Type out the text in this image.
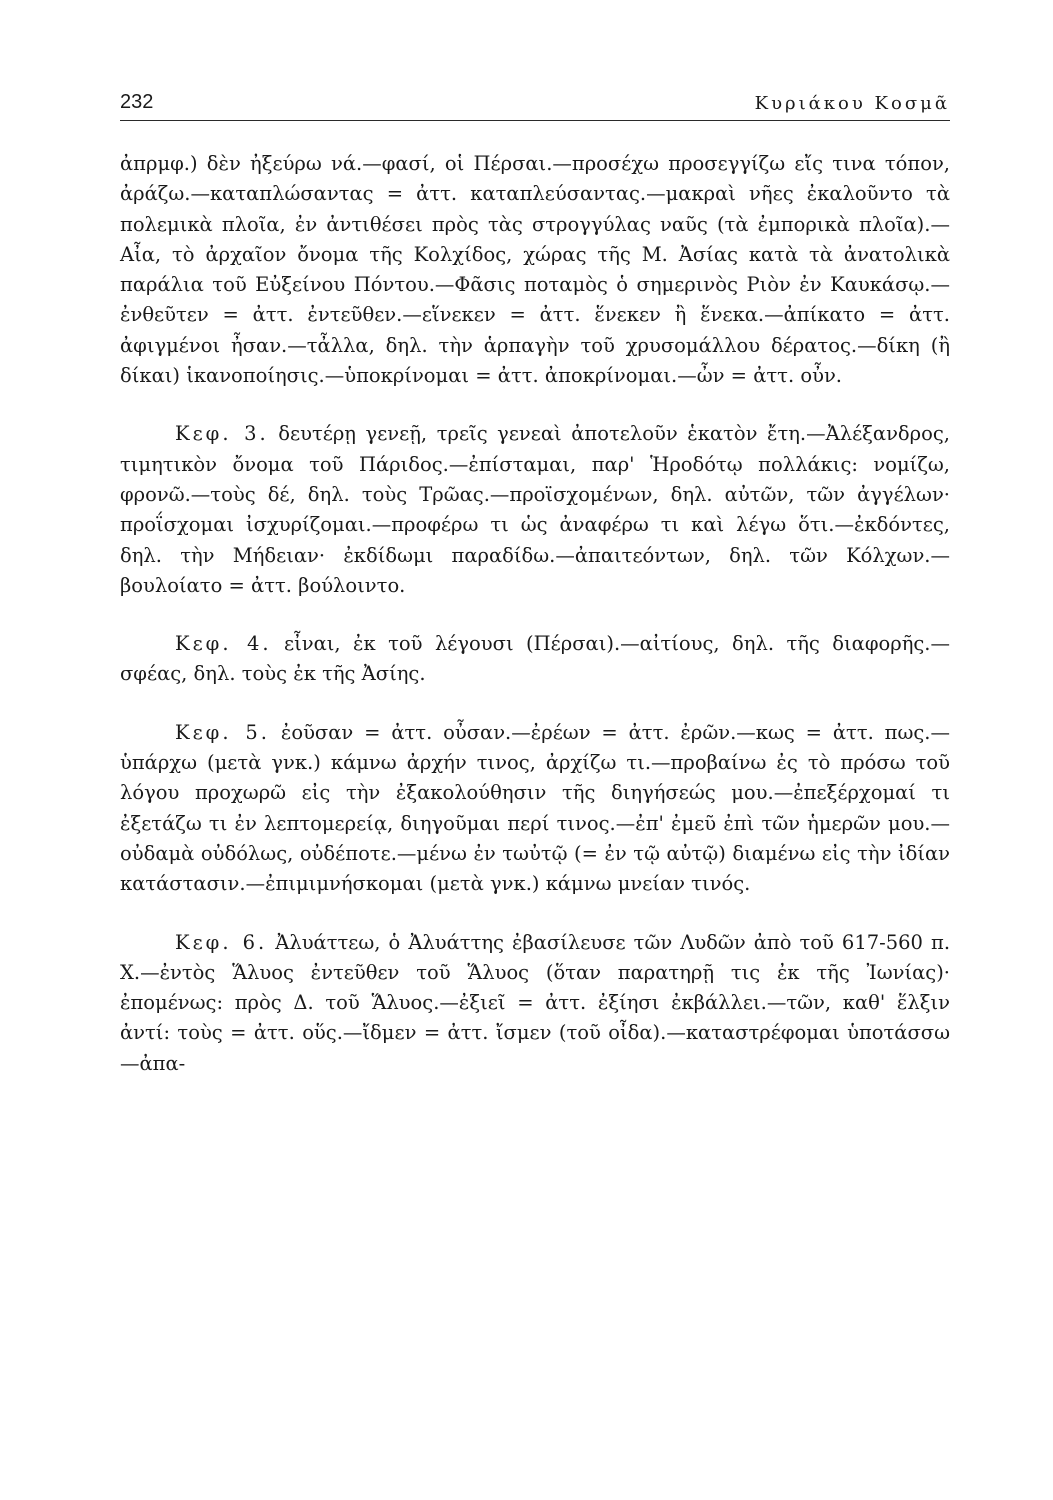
232	Κυριάκου Κοσμᾶ

ἀπρμφ.) δὲν ἠξεύρω νά.—φασί, οἱ Πέρσαι.—προσέχω προσεγγίζω εἴς τινα τόπον, ἀράζω.—καταπλώσαντας = ἀττ. καταπλεύσαντας.—μακραὶ νῆες ἐκαλοῦντο τὰ πολεμικὰ πλοῖα, ἐν ἀντιθέσει πρὸς τὰς στρογγύλας ναῦς (τὰ ἐμπορικὰ πλοῖα).—Αἶα, τὸ ἀρχαῖον ὄνομα τῆς Κολχίδος, χώρας τῆς Μ. Ἀσίας κατὰ τὰ ἀνατολικὰ παράλια τοῦ Εὐξείνου Πόντου.—Φᾶσις ποταμὸς ὁ σημερινὸς Ριὸν ἐν Καυκάσῳ.—ἐνθεῦτεν = ἀττ. ἐντεῦθεν.—εἵνεκεν = ἀττ. ἕνεκεν ἢ ἕνεκα.—ἀπίκατο = ἀττ. ἀφιγμένοι ἦσαν.—τἆλλα, δηλ. τὴν ἁρπαγὴν τοῦ χρυσομάλλου δέρατος.—δίκη (ἢ δίκαι) ἱκανοποίησις.—ὑποκρίνομαι = ἀττ. ἀποκρίνομαι.—ὦν = ἀττ. οὖν.

Κεφ. 3. δευτέρῃ γενεῇ, τρεῖς γενεαὶ ἀποτελοῦν ἑκατὸν ἔτη.—Ἀλέξανδρος, τιμητικὸν ὄνομα τοῦ Πάριδος.—ἐπίσταμαι, παρ' Ἡροδότῳ πολλάκις: νομίζω, φρονῶ.—τοὺς δέ, δηλ. τοὺς Τρῶας.—προϊσχομένων, δηλ. αὐτῶν, τῶν ἀγγέλων· προΐσχομαι ἰσχυρίζομαι.—προφέρω τι ὡς ἀναφέρω τι καὶ λέγω ὅτι.—ἐκδόντες, δηλ. τὴν Μήδειαν· ἐκδίδωμι παραδίδω.—ἀπαιτεόντων, δηλ. τῶν Κόλχων.—βουλοίατο = ἀττ. βούλοιντο.

Κεφ. 4. εἶναι, ἐκ τοῦ λέγουσι (Πέρσαι).—αἰτίους, δηλ. τῆς διαφορῆς.—σφέας, δηλ. τοὺς ἐκ τῆς Ἀσίης.

Κεφ. 5. ἐοῦσαν = ἀττ. οὖσαν.—ἐρέων = ἀττ. ἐρῶν.—κως = ἀττ. πως.—ὑπάρχω (μετὰ γνκ.) κάμνω ἀρχήν τινος, ἀρχίζω τι.—προβαίνω ἐς τὸ πρόσω τοῦ λόγου προχωρῶ εἰς τὴν ἐξακολούθησιν τῆς διηγήσεώς μου.—ἐπεξέρχομαί τι ἐξετάζω τι ἐν λεπτομερείᾳ, διηγοῦμαι περί τινος.—ἐπ' ἐμεῦ ἐπὶ τῶν ἡμερῶν μου.—οὐδαμὰ οὐδόλως, οὐδέποτε.—μένω ἐν τωὐτῷ (= ἐν τῷ αὐτῷ) διαμένω εἰς τὴν ἰδίαν κατάστασιν.—ἐπιμιμνήσκομαι (μετὰ γνκ.) κάμνω μνείαν τινός.

Κεφ. 6. Ἀλυάττεω, ὁ Ἀλυάττης ἐβασίλευσε τῶν Λυδῶν ἀπὸ τοῦ 617-560 π. Χ.—ἐντὸς Ἅλυος ἐντεῦθεν τοῦ Ἅλυος (ὅταν παρατηρῇ τις ἐκ τῆς Ἰωνίας)· ἐπομένως: πρὸς Δ. τοῦ Ἅλυος.—ἐξιεῖ = ἀττ. ἐξίησι ἐκβάλλει.—τῶν, καθ' ἕλξιν ἀντί: τοὺς = ἀττ. οὕς.—ἴδμεν = ἀττ. ἴσμεν (τοῦ οἶδα).—καταστρέφομαι ὑποτάσσω—ἀπα-
